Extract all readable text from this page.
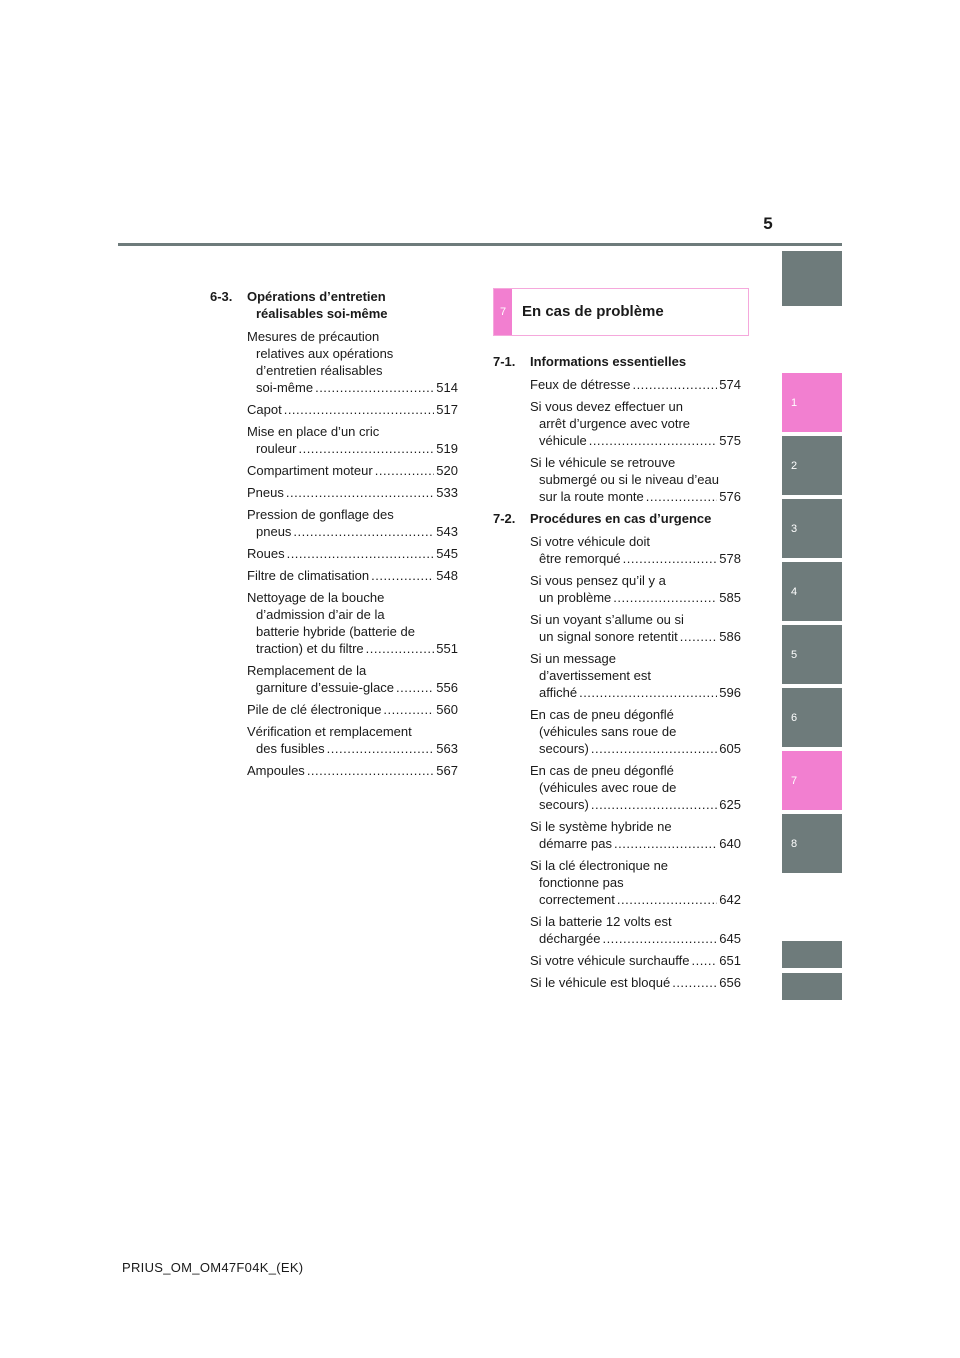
5
1
2
3
4
5
6
7
8
6-3. Opérations d’entretien
réalisables soi-même
Mesures de précaution
relatives aux opérations
d’entretien réalisables
soi-même .....	514
Capot .....	517
Mise en place d’un cric
rouleur .....	519
Compartiment moteur .....	520
Pneus .....	533
Pression de gonflage des
pneus .....	543
Roues .....	545
Filtre de climatisation .....	548
Nettoyage de la bouche
d’admission d’air de la
batterie hybride (batterie de
traction) et du filtre .....	551
Remplacement de la
garniture d’essuie-glace .....	556
Pile de clé électronique .....	560
Vérification et remplacement
des fusibles .....	563
Ampoules .....	567
7	En cas de problème
7-1. Informations essentielles
Feux de détresse .....	574
Si vous devez effectuer un
arrêt d’urgence avec votre
véhicule .....	575
Si le véhicule se retrouve
submergé ou si le niveau d’eau
sur la route monte .....	576
7-2. Procédures en cas d’urgence
Si votre véhicule doit
être remorqué .....	578
Si vous pensez qu’il y a
un problème .....	585
Si un voyant s’allume ou si
un signal sonore retentit .....	586
Si un message
d’avertissement est
affiché .....	596
En cas de pneu dégonflé
(véhicules sans roue de
secours) .....	605
En cas de pneu dégonflé
(véhicules avec roue de
secours) .....	625
Si le système hybride ne
démarre pas .....	640
Si la clé électronique ne
fonctionne pas
correctement .....	642
Si la batterie 12 volts est
déchargée .....	645
Si votre véhicule surchauffe ..... 651
Si le véhicule est bloqué .....	656
PRIUS_OM_OM47F04K_(EK)
